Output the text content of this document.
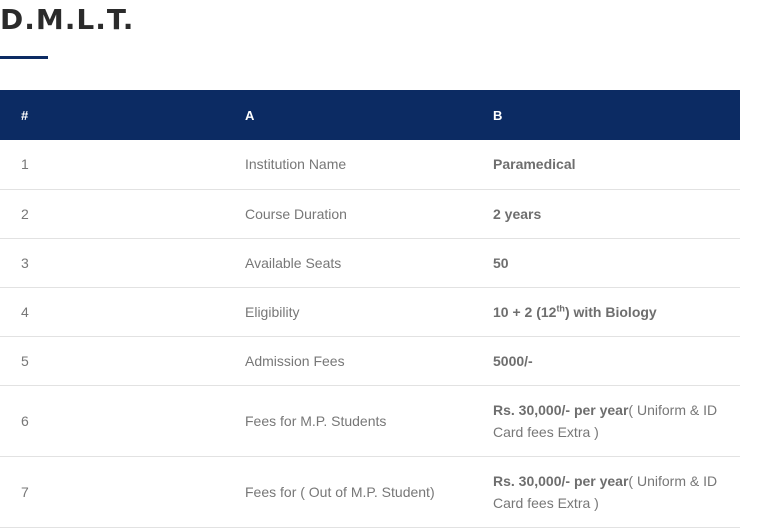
D.M.L.T.
#	A	B
1	Institution Name	Paramedical
2	Course Duration	2 years
3	Available Seats	50
4	Eligibility	10 + 2 (12th) with Biology
5	Admission Fees	5000/-
6	Fees for M.P. Students	Rs. 30,000/- per year( Uniform & ID Card fees Extra )

7	Fees for ( Out of M.P. Student)	Rs. 30,000/- per year( Uniform & ID Card fees Extra )
